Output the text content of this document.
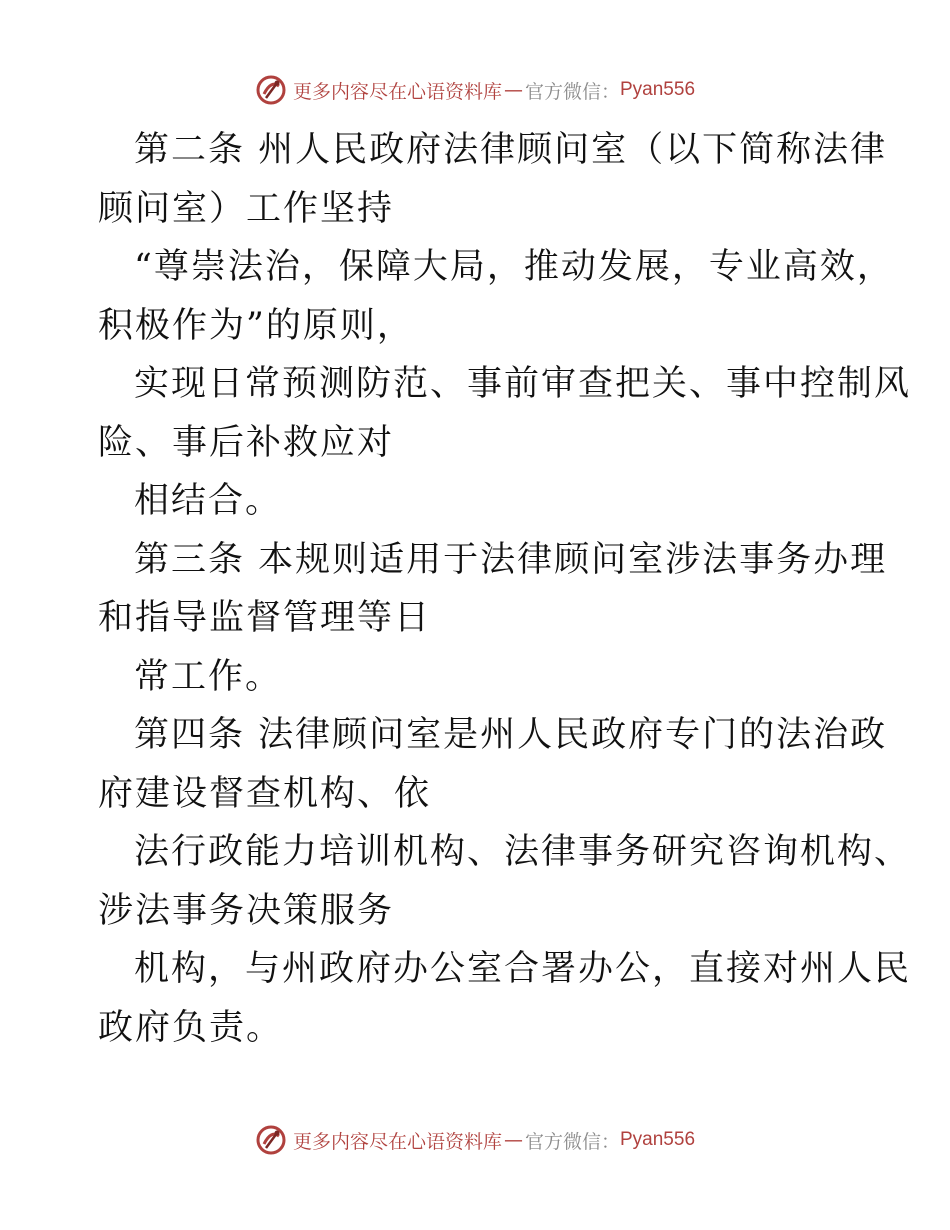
更多内容尽在心语资料库 — 官方微信： Pyan556
第二条 州人民政府法律顾问室（以下简称法律
顾问室）工作坚持
“尊崇法治，保障大局，推动发展，专业高效，
积极作为”的原则，
实现日常预测防范、事前审查把关、事中控制风
险、事后补救应对
相结合。
第三条 本规则适用于法律顾问室涉法事务办理
和指导监督管理等日
常工作。
第四条 法律顾问室是州人民政府专门的法治政
府建设督查机构、依
法行政能力培训机构、法律事务研究咨询机构、
涉法事务决策服务
机构，与州政府办公室合署办公，直接对州人民
政府负责。
更多内容尽在心语资料库 — 官方微信： Pyan556
